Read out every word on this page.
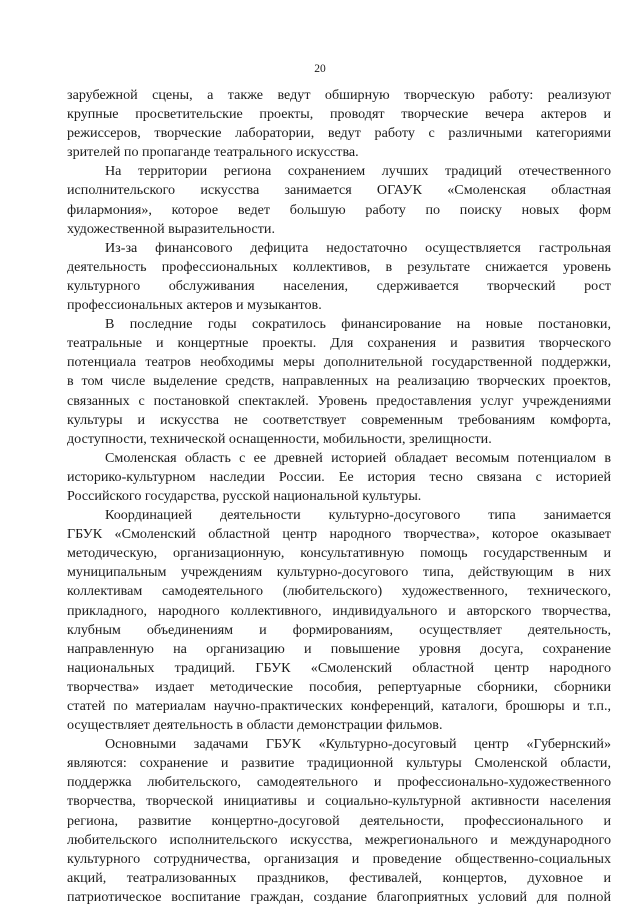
20
зарубежной сцены, а также ведут обширную творческую работу: реализуют
крупные просветительские проекты, проводят творческие вечера актеров и
режиссеров, творческие лаборатории, ведут работу с различными категориями
зрителей по пропаганде театрального искусства.
На территории региона сохранением лучших традиций отечественного
исполнительского искусства занимается ОГАУК «Смоленская областная
филармония», которое ведет большую работу по поиску новых форм
художественной выразительности.
Из-за финансового дефицита недостаточно осуществляется гастрольная
деятельность профессиональных коллективов, в результате снижается уровень
культурного обслуживания населения, сдерживается творческий рост
профессиональных актеров и музыкантов.
В последние годы сократилось финансирование на новые постановки,
театральные и концертные проекты. Для сохранения и развития творческого
потенциала театров необходимы меры дополнительной государственной поддержки,
в том числе выделение средств, направленных на реализацию творческих проектов,
связанных с постановкой спектаклей. Уровень предоставления услуг учреждениями
культуры и искусства не соответствует современным требованиям комфорта,
доступности, технической оснащенности, мобильности, зрелищности.
Смоленская область с ее древней историей обладает весомым потенциалом в
историко-культурном наследии России. Ее история тесно связана с историей
Российского государства, русской национальной культуры.
Координацией деятельности культурно-досугового типа занимается
ГБУК «Смоленский областной центр народного творчества», которое оказывает
методическую, организационную, консультативную помощь государственным и
муниципальным учреждениям культурно-досугового типа, действующим в них
коллективам самодеятельного (любительского) художественного, технического,
прикладного, народного коллективного, индивидуального и авторского творчества,
клубным объединениям и формированиям, осуществляет деятельность,
направленную на организацию и повышение уровня досуга, сохранение
национальных традиций. ГБУК «Смоленский областной центр народного
творчества» издает методические пособия, репертуарные сборники, сборники
статей по материалам научно-практических конференций, каталоги, брошюры и т.п.,
осуществляет деятельность в области демонстрации фильмов.
Основными задачами ГБУК «Культурно-досуговый центр «Губернский»
являются: сохранение и развитие традиционной культуры Смоленской области,
поддержка любительского, самодеятельного и профессионально-художественного
творчества, творческой инициативы и социально-культурной активности населения
региона, развитие концертно-досуговой деятельности, профессионального и
любительского исполнительского искусства, межрегионального и международного
культурного сотрудничества, организация и проведение общественно-социальных
акций, театрализованных праздников, фестивалей, концертов, духовное и
патриотическое воспитание граждан, создание благоприятных условий для полной
